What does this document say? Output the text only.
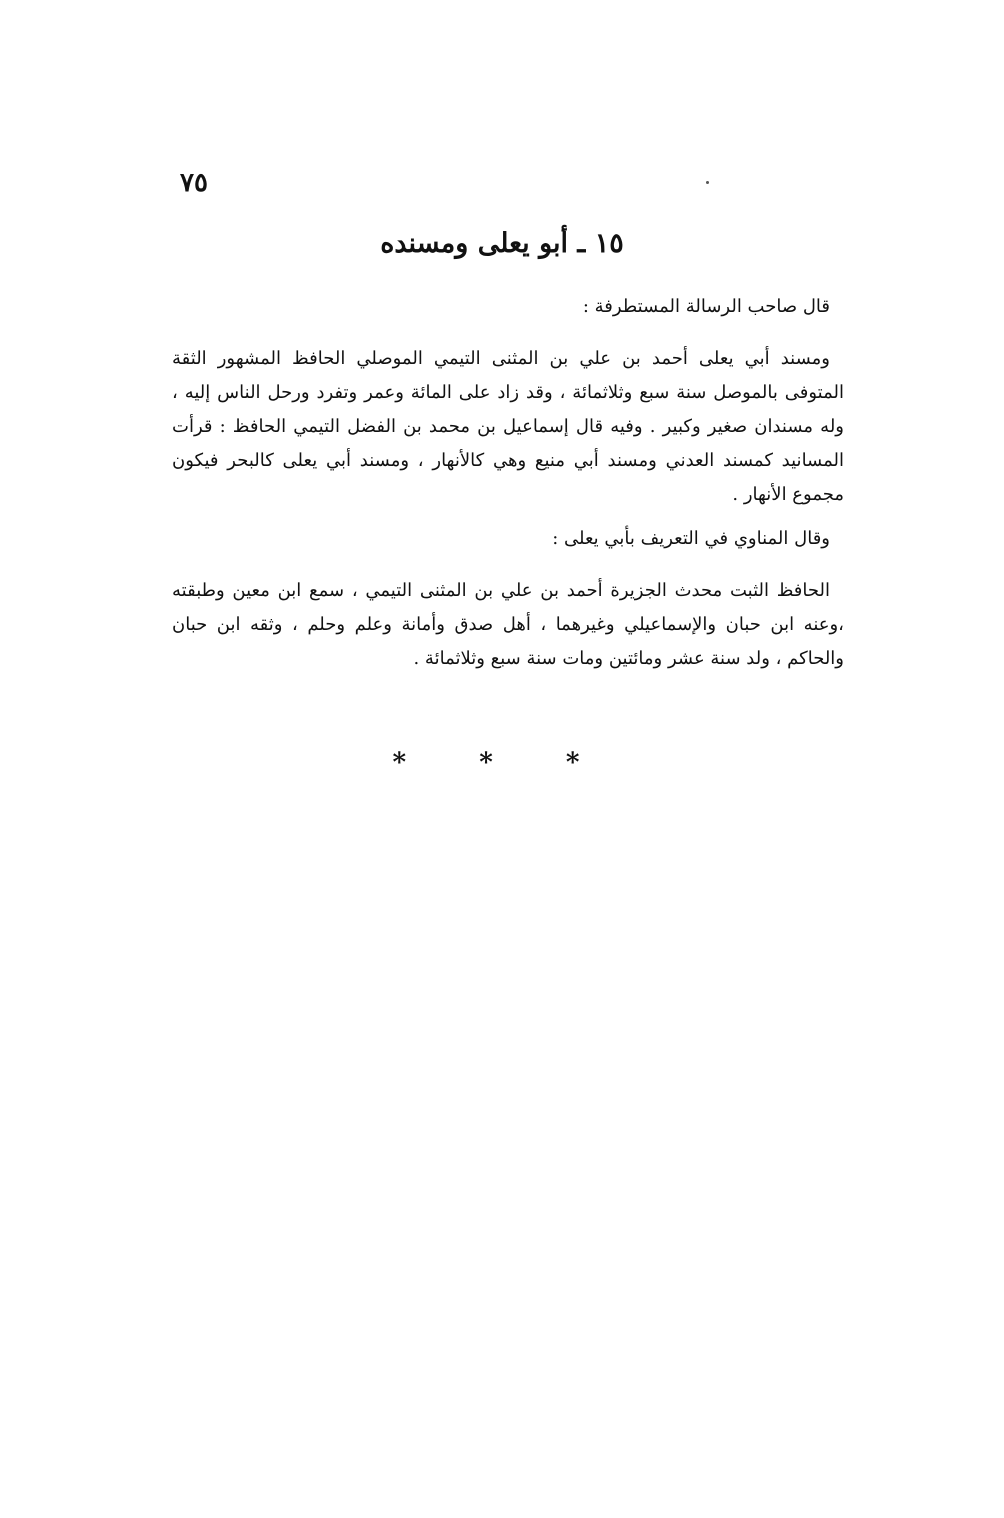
٧٥
١٥ ـ أبو يعلى ومسنده

قال صاحب الرسالة المستطرفة :

ومسند أبي يعلى أحمد بن علي بن المثنى التيمي الموصلي الحافظ المشهور الثقة المتوفى بالموصل سنة سبع وثلاثمائة ، وقد زاد على المائة وعمر وتفرد ورحل الناس إليه ، وله مسندان صغير وكبير . وفيه قال إسماعيل بن محمد بن الفضل التيمي الحافظ : قرأت المسانيد كمسند العدني ومسند أبي منيع وهي كالأنهار ، ومسند أبي يعلى كالبحر فيكون مجموع الأنهار .

وقال المناوي في التعريف بأبي يعلى :

الحافظ الثبت محدث الجزيرة أحمد بن علي بن المثنى التيمي ، سمع ابن معين وطبقته ،وعنه ابن حبان والإسماعيلي وغيرهما ، أهل صدق وأمانة وعلم وحلم ، وثقه ابن حبان والحاكم ، ولد سنة عشر ومائتين ومات سنة سبع وثلاثمائة .

* * *
